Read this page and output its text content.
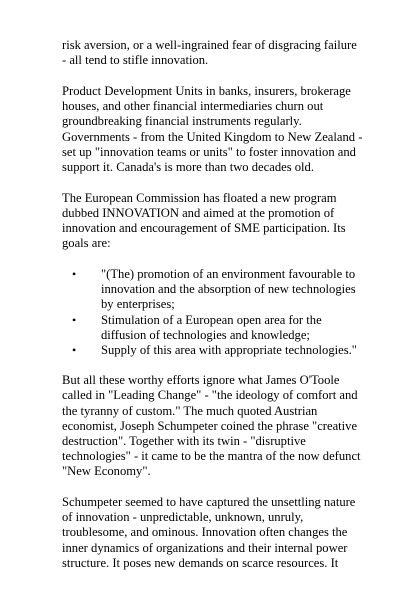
risk aversion, or a well-ingrained fear of disgracing failure - all tend to stifle innovation.

Product Development Units in banks, insurers, brokerage houses, and other financial intermediaries churn out groundbreaking financial instruments regularly. Governments - from the United Kingdom to New Zealand - set up "innovation teams or units" to foster innovation and support it. Canada's is more than two decades old.

The European Commission has floated a new program dubbed INNOVATION and aimed at the promotion of innovation and encouragement of SME participation. Its goals are:

•	"(The) promotion of an environment favourable to innovation and the absorption of new technologies by enterprises;
•	Stimulation of a European open area for the diffusion of technologies and knowledge;
•	Supply of this area with appropriate technologies."

But all these worthy efforts ignore what James O'Toole called in "Leading Change" - "the ideology of comfort and the tyranny of custom." The much quoted Austrian economist, Joseph Schumpeter coined the phrase "creative destruction". Together with its twin - "disruptive technologies" - it came to be the mantra of the now defunct "New Economy".

Schumpeter seemed to have captured the unsettling nature of innovation - unpredictable, unknown, unruly, troublesome, and ominous. Innovation often changes the inner dynamics of organizations and their internal power structure. It poses new demands on scarce resources. It
